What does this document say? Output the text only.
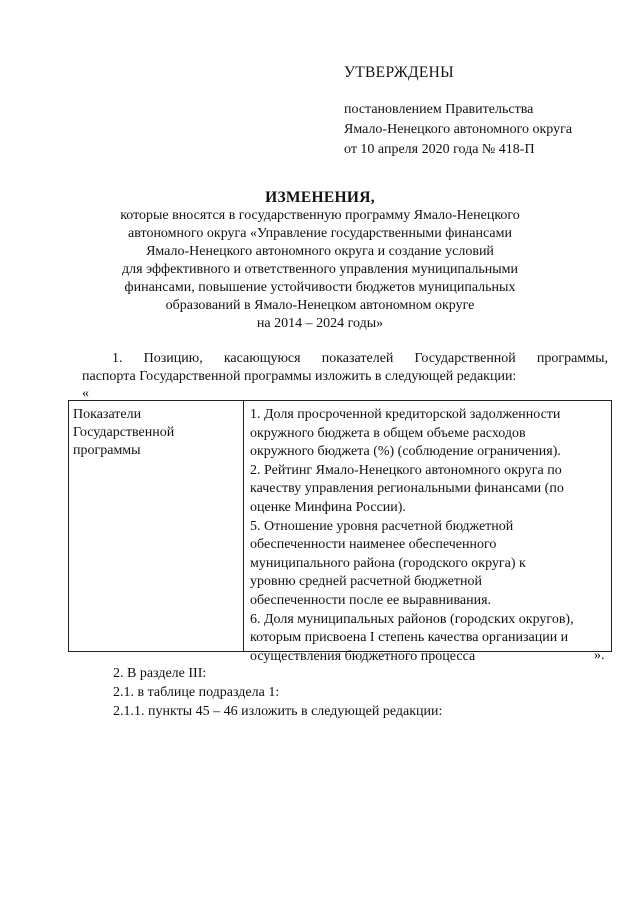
УТВЕРЖДЕНЫ
постановлением Правительства
Ямало-Ненецкого автономного округа
от 10 апреля 2020 года № 418-П
ИЗМЕНЕНИЯ,
которые вносятся в государственную программу Ямало-Ненецкого
автономного округа «Управление государственными финансами
Ямало-Ненецкого автономного округа и создание условий
для эффективного и ответственного управления муниципальными
финансами, повышение устойчивости бюджетов муниципальных
образований в Ямало-Ненецком автономном округе
на 2014 – 2024 годы»
1. Позицию, касающуюся показателей Государственной программы,
паспорта Государственной программы изложить в следующей редакции:
«
Показатели
Государственной
программы
1. Доля просроченной кредиторской задолженности
окружного бюджета в общем объеме расходов
окружного бюджета (%) (соблюдение ограничения).
2. Рейтинг Ямало-Ненецкого автономного округа по
качеству управления региональными финансами (по
оценке Минфина России).
5. Отношение уровня расчетной бюджетной
обеспеченности наименее обеспеченного
муниципального района (городского округа) к
уровню средней расчетной бюджетной
обеспеченности после ее выравнивания.
6. Доля муниципальных районов (городских округов),
которым присвоена I степень качества организации и
осуществления бюджетного процесса	».
2. В разделе III:
2.1. в таблице подраздела 1:
2.1.1. пункты 45 – 46 изложить в следующей редакции:
